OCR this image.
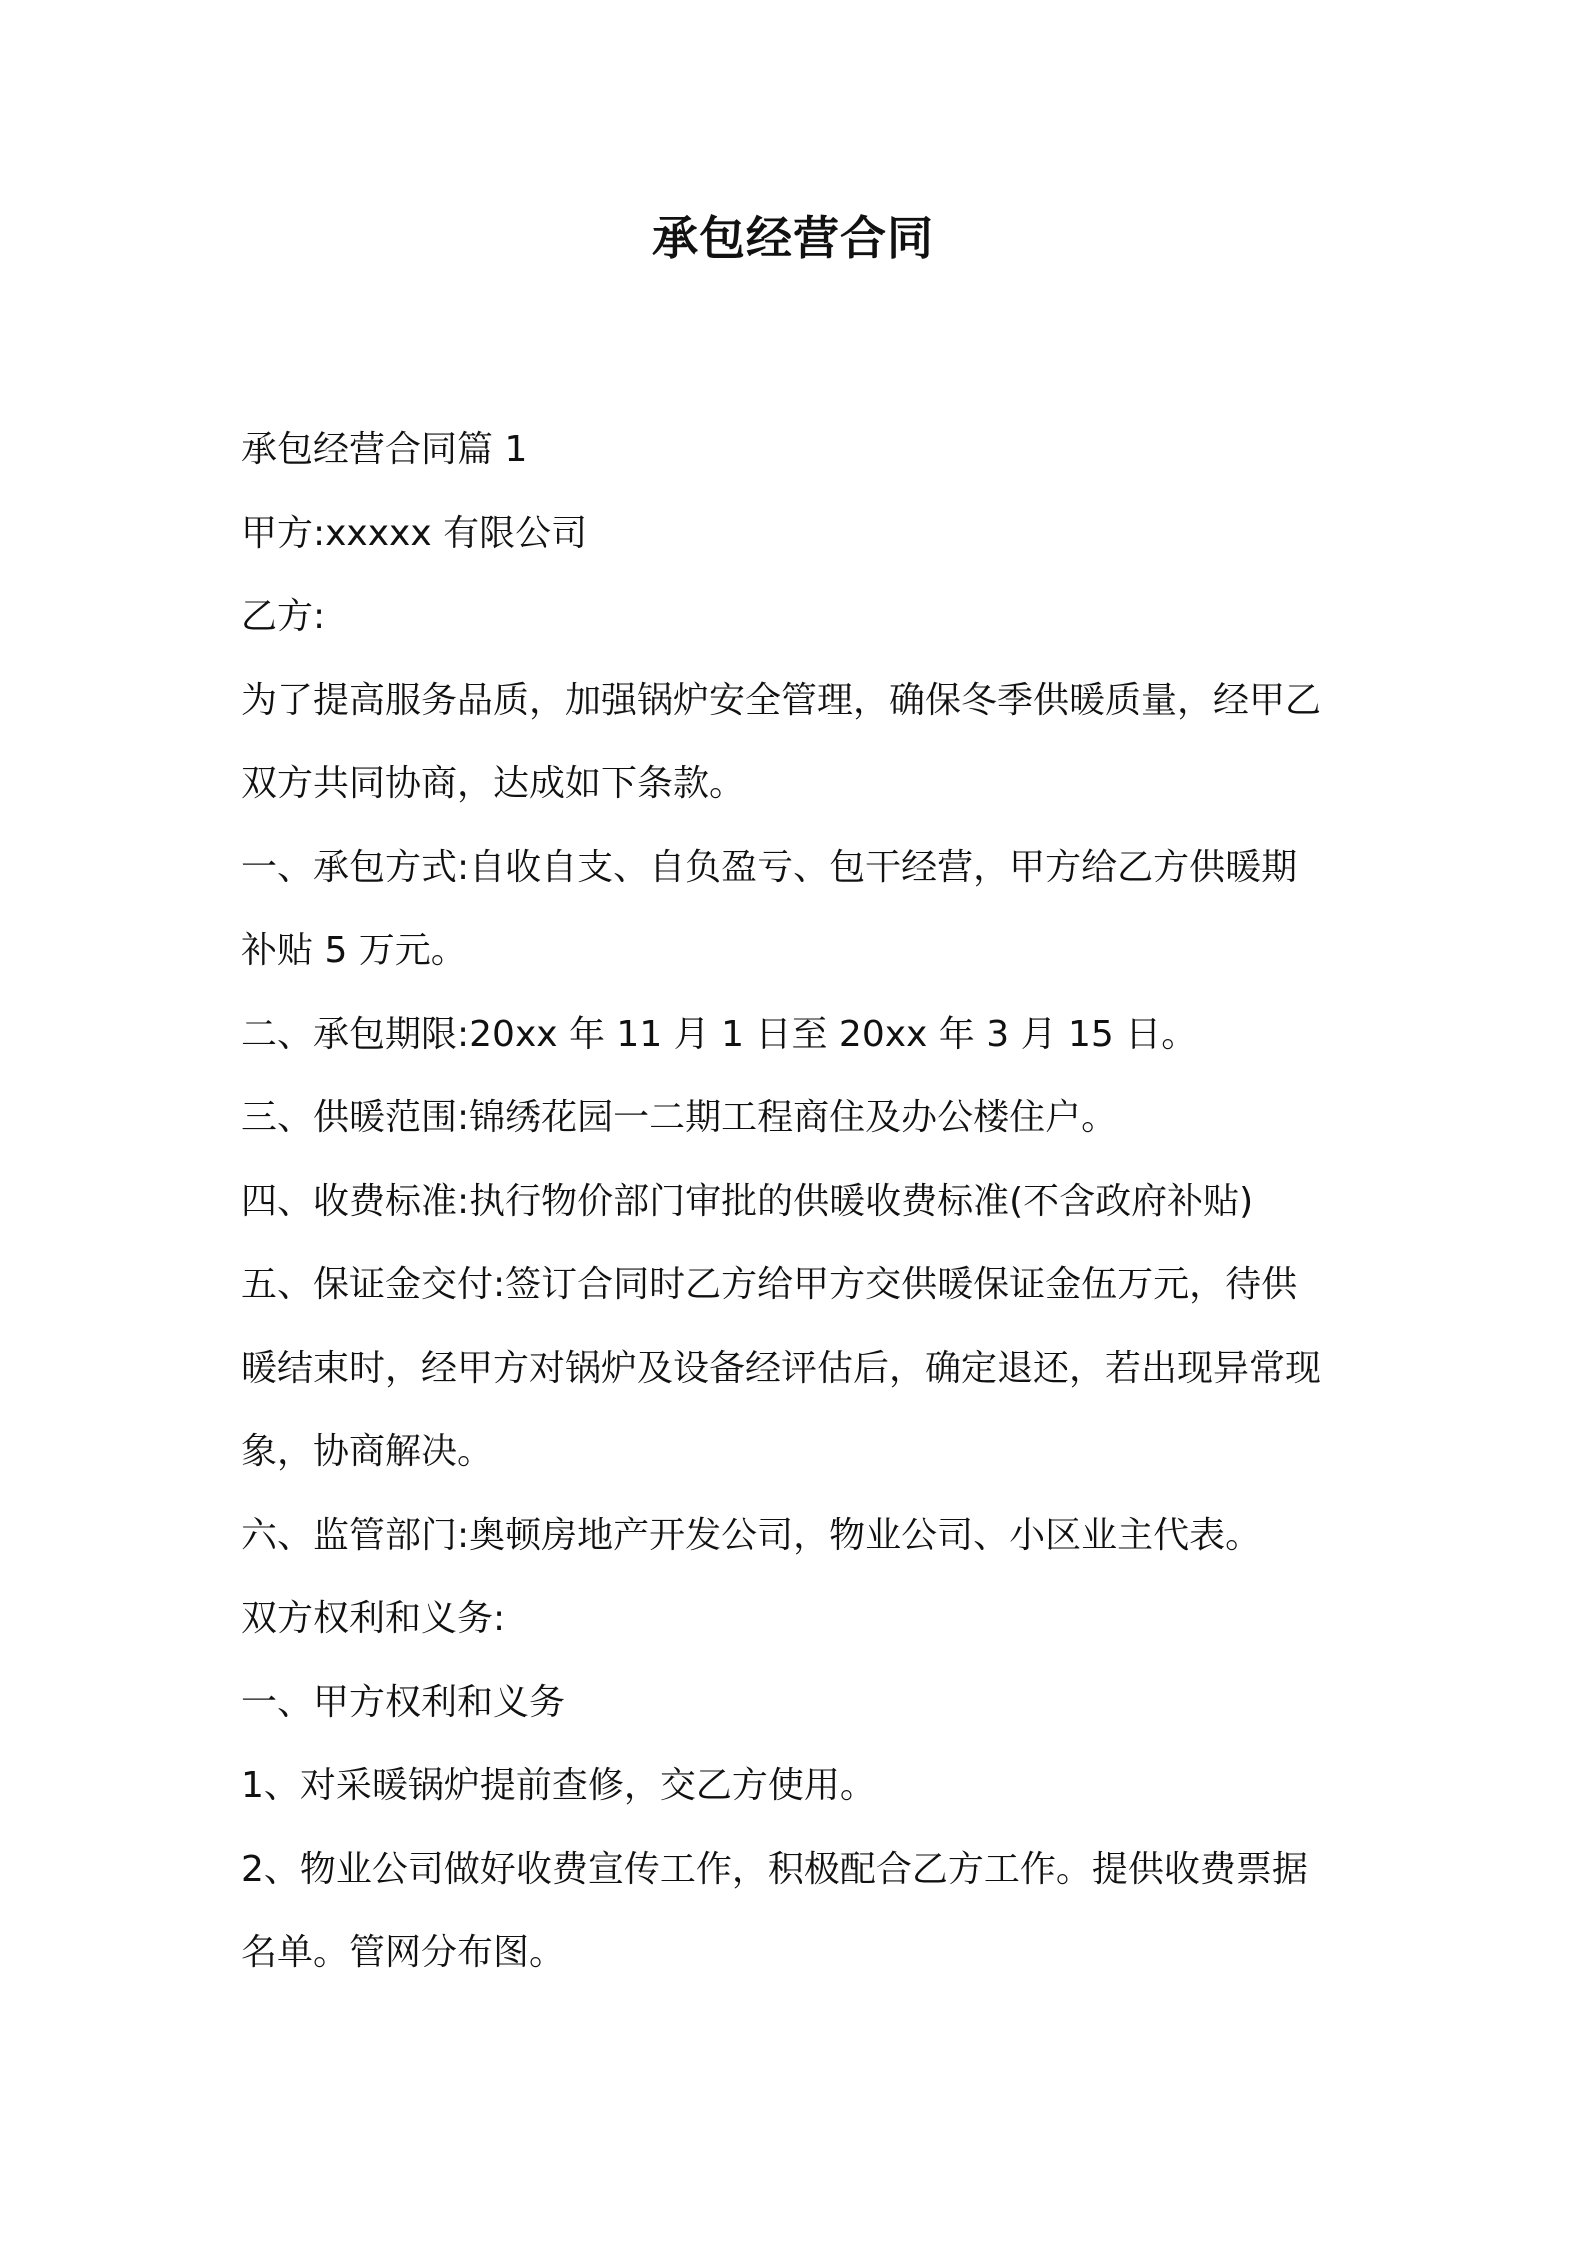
承包经营合同
承包经营合同篇 1
甲方:xxxxx 有限公司
乙方:
为了提高服务品质，加强锅炉安全管理，确保冬季供暖质量，经甲乙
双方共同协商，达成如下条款。
一、承包方式:自收自支、自负盈亏、包干经营，甲方给乙方供暖期
补贴 5 万元。
二、承包期限:20xx 年 11 月 1 日至 20xx 年 3 月 15 日。
三、供暖范围:锦绣花园一二期工程商住及办公楼住户。
四、收费标准:执行物价部门审批的供暖收费标准(不含政府补贴)
五、保证金交付:签订合同时乙方给甲方交供暖保证金伍万元，待供
暖结束时，经甲方对锅炉及设备经评估后，确定退还，若出现异常现
象，协商解决。
六、监管部门:奥顿房地产开发公司，物业公司、小区业主代表。
双方权利和义务:
一、甲方权利和义务
1、对采暖锅炉提前查修，交乙方使用。
2、物业公司做好收费宣传工作，积极配合乙方工作。提供收费票据
名单。管网分布图。
